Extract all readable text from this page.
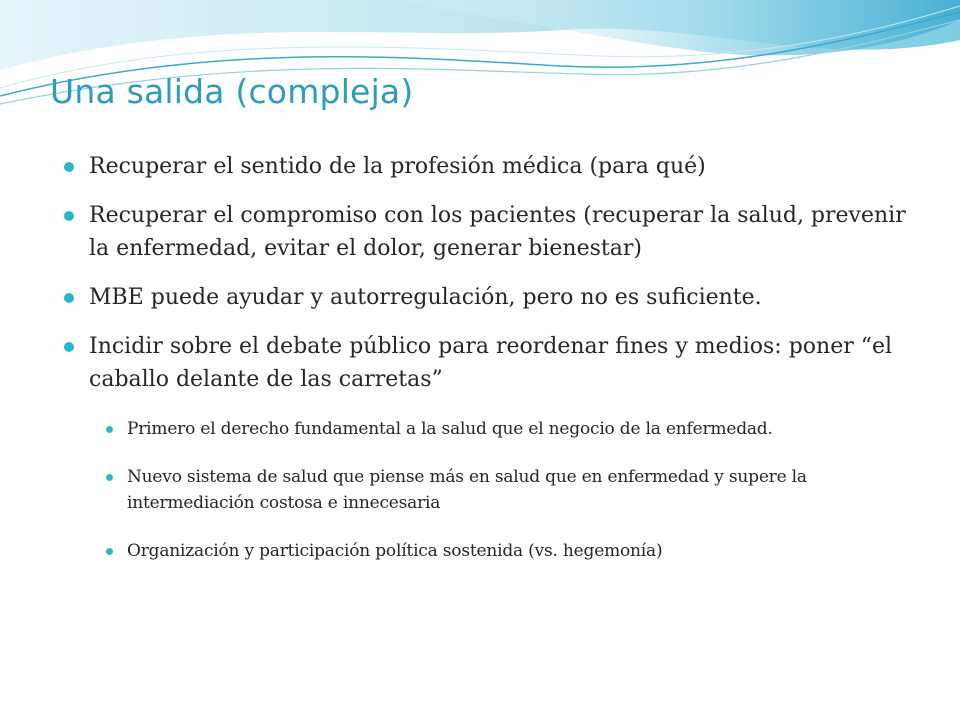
Una salida (compleja)
Recuperar el sentido de la profesión médica (para qué)
Recuperar el compromiso con los pacientes (recuperar la salud, prevenir la enfermedad, evitar el dolor, generar bienestar)
MBE puede ayudar y autorregulación, pero no es suficiente.
Incidir sobre el debate público para reordenar fines y medios: poner “el caballo delante de las carretas”
Primero el derecho fundamental a la salud que el negocio de la enfermedad.
Nuevo sistema de salud que piense más en salud que en enfermedad y supere la intermediación costosa e innecesaria
Organización y participación política sostenida (vs. hegemonía)
